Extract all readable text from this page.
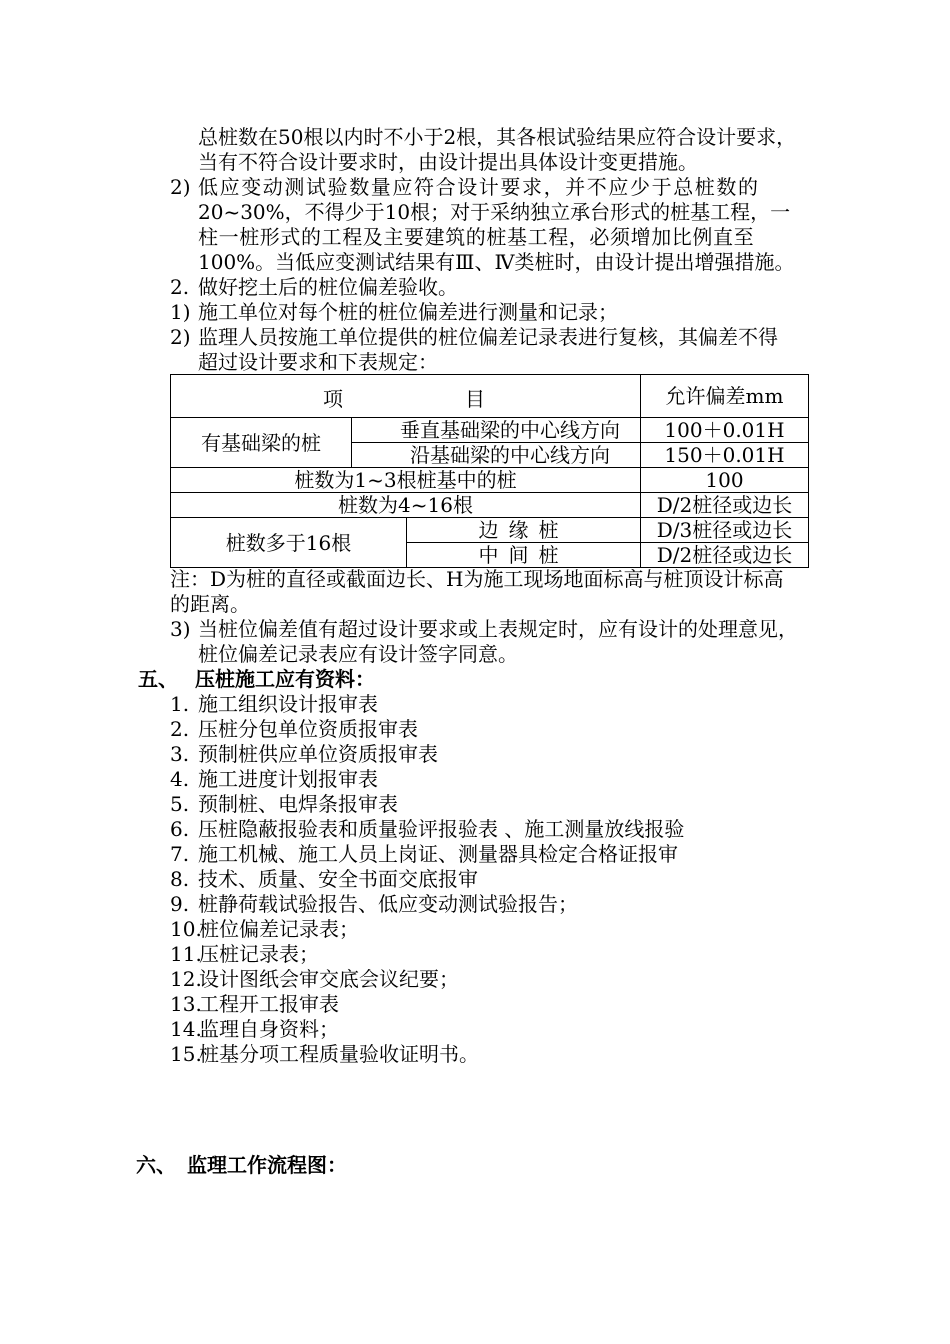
总桩数在50根以内时不小于2根，其各根试验结果应符合设计要求，
当有不符合设计要求时，由设计提出具体设计变更措施。
2) 低应变动测试验数量应符合设计要求，并不应少于总桩数的
20~30%，不得少于10根；对于采纳独立承台形式的桩基工程，一
柱一桩形式的工程及主要建筑的桩基工程，必须增加比例直至
100%。当低应变测试结果有Ⅲ、Ⅳ类桩时，由设计提出增强措施。
2. 做好挖土后的桩位偏差验收。
1) 施工单位对每个桩的桩位偏差进行测量和记录；
2) 监理人员按施工单位提供的桩位偏差记录表进行复核，其偏差不得
超过设计要求和下表规定：
项 目			允许偏差mm
有基础梁的桩	垂直基础梁的中心线方向		100＋0.01H
	沿基础梁的中心线方向		150＋0.01H
桩数为1~3根桩基中的桩			100
桩数为4~16根			D/2桩径或边长
桩数多于16根		边缘桩	D/3桩径或边长
		中间桩	D/2桩径或边长
注：D为桩的直径或截面边长、H为施工现场地面标高与桩顶设计标高
的距离。
3) 当桩位偏差值有超过设计要求或上表规定时，应有设计的处理意见，
桩位偏差记录表应有设计签字同意。
五、 压桩施工应有资料：
1. 施工组织设计报审表
2. 压桩分包单位资质报审表
3. 预制桩供应单位资质报审表
4. 施工进度计划报审表
5. 预制桩、电焊条报审表
6. 压桩隐蔽报验表和质量验评报验表 、施工测量放线报验
7. 施工机械、施工人员上岗证、测量器具检定合格证报审
8. 技术、质量、安全书面交底报审
9. 桩静荷载试验报告、低应变动测试验报告；
10.
桩位偏差记录表；
11.
压桩记录表；
12.
设计图纸会审交底会议纪要；
13.
工程开工报审表
14.
监理自身资料；
15.
桩基分项工程质量验收证明书。
六、 监理工作流程图：
